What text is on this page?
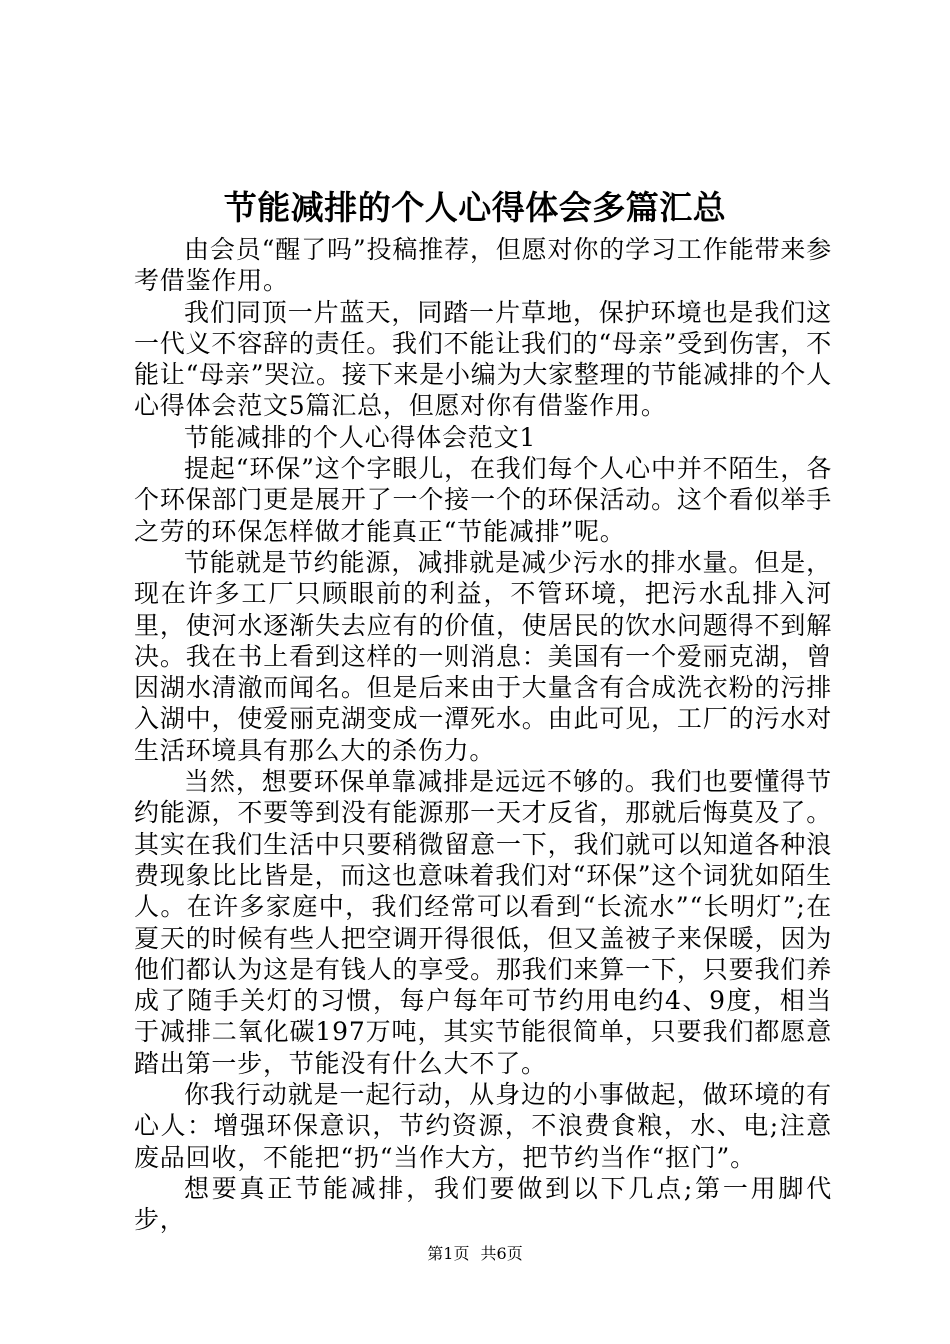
节能减排的个人心得体会多篇汇总

由会员“醒了吗”投稿推荐，但愿对你的学习工作能带来参考借鉴作用。

我们同顶一片蓝天，同踏一片草地，保护环境也是我们这一代义不容辞的责任。我们不能让我们的“母亲”受到伤害，不能让“母亲”哭泣。接下来是小编为大家整理的节能减排的个人心得体会范文5篇汇总，但愿对你有借鉴作用。

节能减排的个人心得体会范文1

提起“环保”这个字眼儿，在我们每个人心中并不陌生，各个环保部门更是展开了一个接一个的环保活动。这个看似举手之劳的环保怎样做才能真正“节能减排”呢。

节能就是节约能源，减排就是减少污水的排水量。但是，现在许多工厂只顾眼前的利益，不管环境，把污水乱排入河里，使河水逐渐失去应有的价值，使居民的饮水问题得不到解决。我在书上看到这样的一则消息：美国有一个爱丽克湖，曾因湖水清澈而闻名。但是后来由于大量含有合成洗衣粉的污排入湖中，使爱丽克湖变成一潭死水。由此可见，工厂的污水对生活环境具有那么大的杀伤力。

当然，想要环保单靠减排是远远不够的。我们也要懂得节约能源，不要等到没有能源那一天才反省，那就后悔莫及了。其实在我们生活中只要稍微留意一下，我们就可以知道各种浪费现象比比皆是，而这也意味着我们对“环保”这个词犹如陌生人。在许多家庭中，我们经常可以看到“长流水”“长明灯”;在夏天的时候有些人把空调开得很低，但又盖被子来保暖，因为他们都认为这是有钱人的享受。那我们来算一下，只要我们养成了随手关灯的习惯，每户每年可节约用电约4、9度，相当于减排二氧化碳197万吨，其实节能很简单，只要我们都愿意踏出第一步，节能没有什么大不了。

你我行动就是一起行动，从身边的小事做起，做环境的有心人：增强环保意识，节约资源，不浪费食粮，水、电;注意废品回收，不能把“扔“当作大方，把节约当作“抠门”。

想要真正节能减排，我们要做到以下几点;第一用脚代步，

第1页 共6页
